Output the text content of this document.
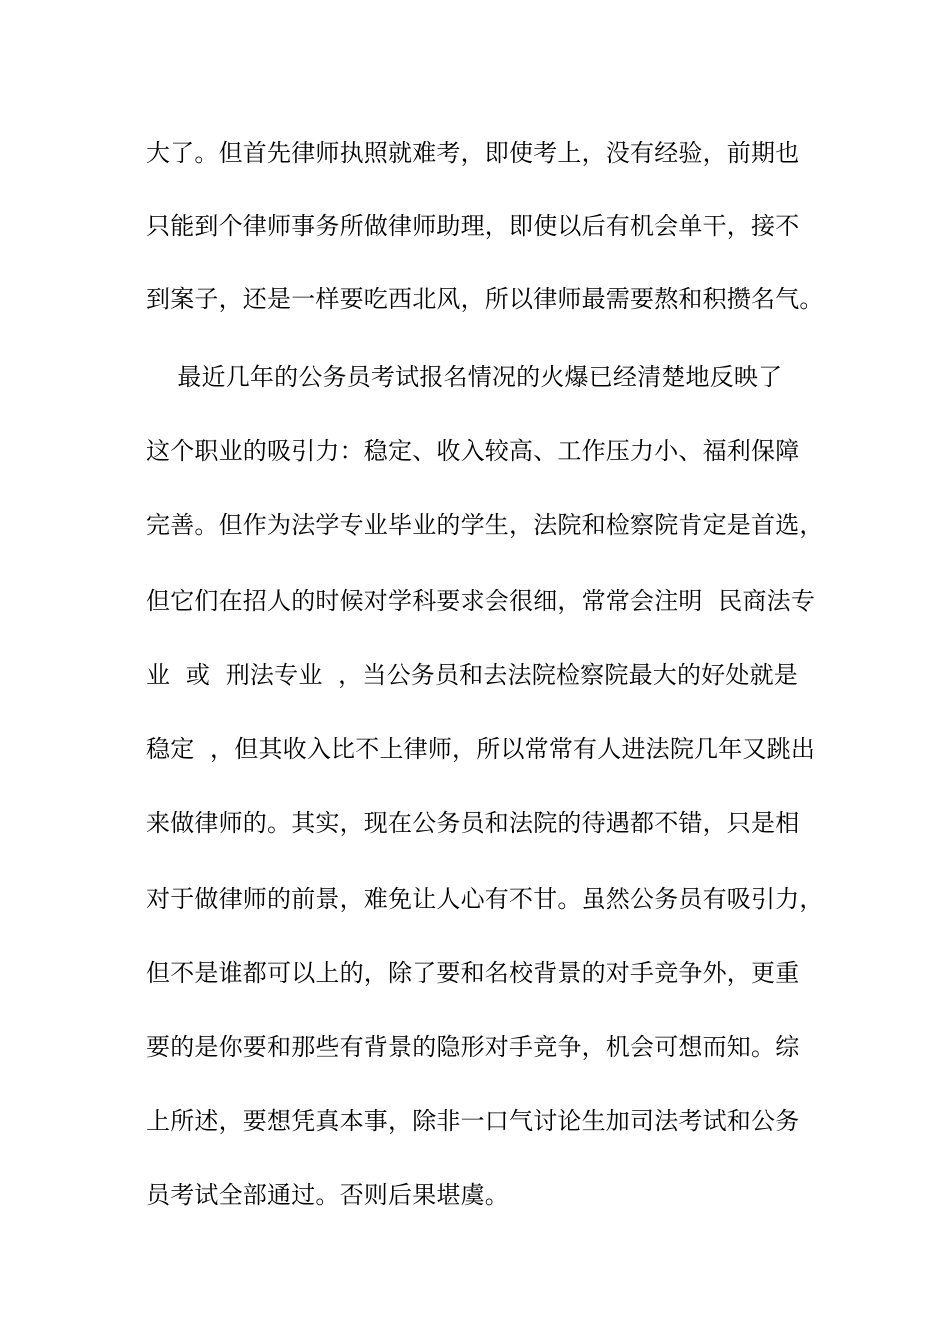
大了。但首先律师执照就难考，即使考上，没有经验，前期也
只能到个律师事务所做律师助理，即使以后有机会单干，接不
到案子，还是一样要吃西北风，所以律师最需要熬和积攒名气。
最近几年的公务员考试报名情况的火爆已经清楚地反映了
这个职业的吸引力：稳定、收入较高、工作压力小、福利保障
完善。但作为法学专业毕业的学生，法院和检察院肯定是首选，
但它们在招人的时候对学科要求会很细，常常会注明  民商法专
业  或  刑法专业  ，当公务员和去法院检察院最大的好处就是
稳定  ，但其收入比不上律师，所以常常有人进法院几年又跳出
来做律师的。其实，现在公务员和法院的待遇都不错，只是相
对于做律师的前景，难免让人心有不甘。虽然公务员有吸引力，
但不是谁都可以上的，除了要和名校背景的对手竞争外，更重
要的是你要和那些有背景的隐形对手竞争，机会可想而知。综
上所述，要想凭真本事，除非一口气讨论生加司法考试和公务
员考试全部通过。否则后果堪虞。
